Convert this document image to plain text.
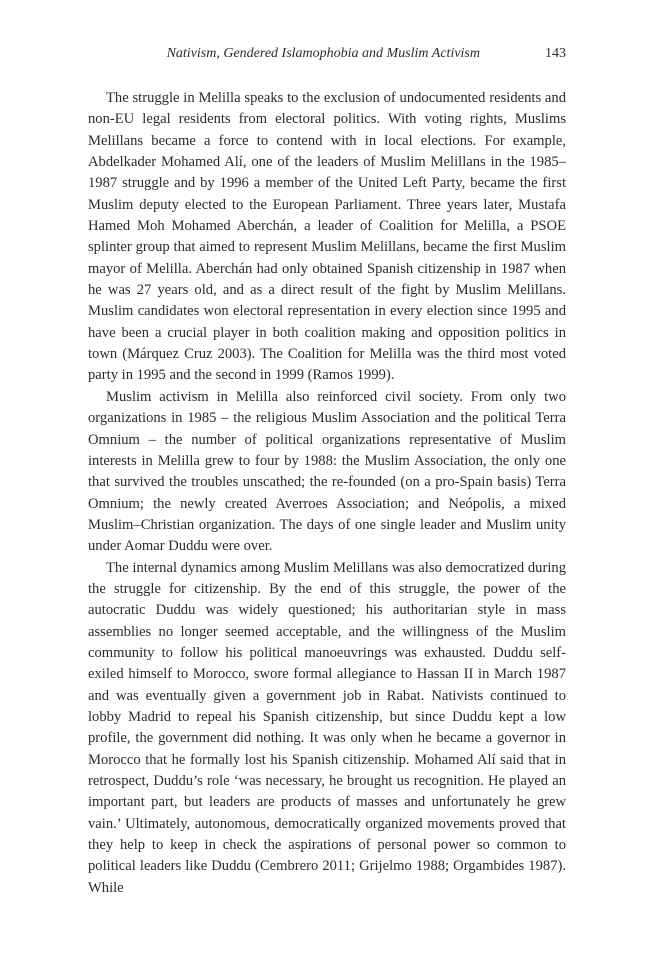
Nativism, Gendered Islamophobia and Muslim Activism	143

The struggle in Melilla speaks to the exclusion of undocumented residents and non-EU legal residents from electoral politics. With voting rights, Muslims Melillans became a force to contend with in local elections. For example, Abdelkader Mohamed Alí, one of the leaders of Muslim Melillans in the 1985–1987 struggle and by 1996 a member of the United Left Party, became the first Muslim deputy elected to the European Parliament. Three years later, Mustafa Hamed Moh Mohamed Aberchán, a leader of Coalition for Melilla, a PSOE splinter group that aimed to represent Muslim Melillans, became the first Muslim mayor of Melilla. Aberchán had only obtained Spanish citizenship in 1987 when he was 27 years old, and as a direct result of the fight by Muslim Melillans. Muslim candidates won electoral representation in every election since 1995 and have been a crucial player in both coalition making and opposition politics in town (Márquez Cruz 2003). The Coalition for Melilla was the third most voted party in 1995 and the second in 1999 (Ramos 1999).

Muslim activism in Melilla also reinforced civil society. From only two organizations in 1985 – the religious Muslim Association and the political Terra Omnium – the number of political organizations representative of Muslim interests in Melilla grew to four by 1988: the Muslim Association, the only one that survived the troubles unscathed; the re-founded (on a pro-Spain basis) Terra Omnium; the newly created Averroes Association; and Neópolis, a mixed Muslim–Christian organization. The days of one single leader and Muslim unity under Aomar Duddu were over.

The internal dynamics among Muslim Melillans was also democratized during the struggle for citizenship. By the end of this struggle, the power of the autocratic Duddu was widely questioned; his authoritarian style in mass assemblies no longer seemed acceptable, and the willingness of the Muslim community to follow his political manoeuvrings was exhausted. Duddu self-exiled himself to Morocco, swore formal allegiance to Hassan II in March 1987 and was eventually given a government job in Rabat. Nativists continued to lobby Madrid to repeal his Spanish citizenship, but since Duddu kept a low profile, the government did nothing. It was only when he became a governor in Morocco that he formally lost his Spanish citizenship. Mohamed Alí said that in retrospect, Duddu’s role ‘was necessary, he brought us recognition. He played an important part, but leaders are products of masses and unfortunately he grew vain.’ Ultimately, autonomous, democratically organized movements proved that they help to keep in check the aspirations of personal power so common to political leaders like Duddu (Cembrero 2011; Grijelmo 1988; Orgambides 1987). While
